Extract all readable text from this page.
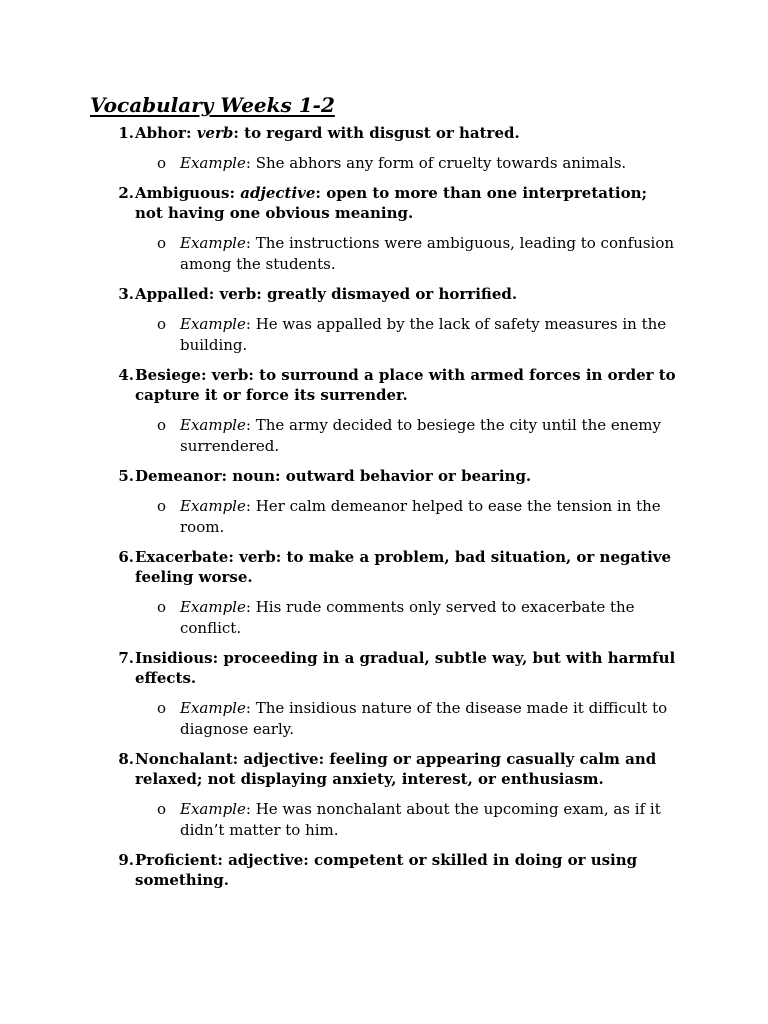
Vocabulary Weeks 1-2
1 . Abhor: verb: to regard with disgust or hatred.
o Example: She abhors any form of cruelty towards animals.
2 . Ambiguous: adjective: open to more than one interpretation; not having one obvious meaning.
o Example: The instructions were ambiguous, leading to confusion among the students.
3 . Appalled: verb: greatly dismayed or horrified.
o Example: He was appalled by the lack of safety measures in the building.
4 . Besiege: verb: to surround a place with armed forces in order to capture it or force its surrender.
o Example: The army decided to besiege the city until the enemy surrendered.
5 . Demeanor: noun: outward behavior or bearing.
o Example: Her calm demeanor helped to ease the tension in the room.
6 . Exacerbate: verb: to make a problem, bad situation, or negative feeling worse.
o Example: His rude comments only served to exacerbate the conflict.
7 . Insidious: proceeding in a gradual, subtle way, but with harmful effects.
o Example: The insidious nature of the disease made it difficult to diagnose early.
8 . Nonchalant: adjective: feeling or appearing casually calm and relaxed; not displaying anxiety, interest, or enthusiasm.
o Example: He was nonchalant about the upcoming exam, as if it didn’t matter to him.
9 . Proficient: adjective: competent or skilled in doing or using something.
